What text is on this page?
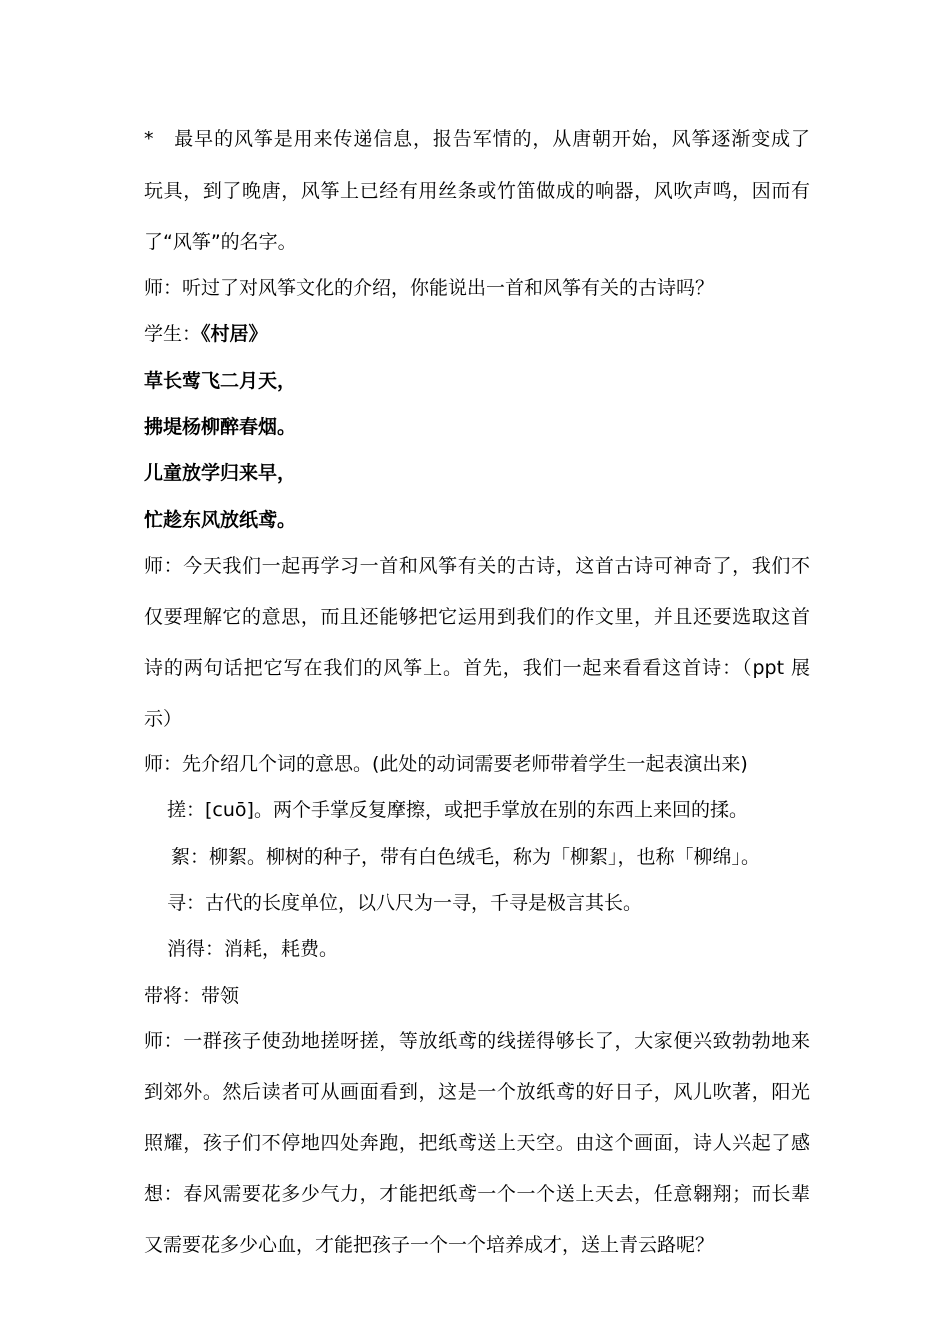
*　最早的风筝是用来传递信息，报告军情的，从唐朝开始，风筝逐渐变成了
玩具，到了晚唐，风筝上已经有用丝条或竹笛做成的响器，风吹声鸣，因而有
了“风筝”的名字。
师：听过了对风筝文化的介绍，你能说出一首和风筝有关的古诗吗？
学生：《村居》
草长莺飞二月天，
拂堤杨柳醉春烟。
儿童放学归来早，
忙趁东风放纸鸢。
师：今天我们一起再学习一首和风筝有关的古诗，这首古诗可神奇了，我们不
仅要理解它的意思，而且还能够把它运用到我们的作文里，并且还要选取这首
诗的两句话把它写在我们的风筝上。首先，我们一起来看看这首诗：（ppt 展
示）
师：先介绍几个词的意思。(此处的动词需要老师带着学生一起表演出来)
搓：[cuō]。两个手掌反复摩擦，或把手掌放在别的东西上来回的揉。
絮：柳絮。柳树的种子，带有白色绒毛，称为「柳絮」，也称「柳绵」。
寻：古代的长度单位，以八尺为一寻，千寻是极言其长。
消得：消耗，耗费。
带将：带领
师：一群孩子使劲地搓呀搓，等放纸鸢的线搓得够长了，大家便兴致勃勃地来
到郊外。然后读者可从画面看到，这是一个放纸鸢的好日子，风儿吹著，阳光
照耀，孩子们不停地四处奔跑，把纸鸢送上天空。由这个画面，诗人兴起了感
想：春风需要花多少气力，才能把纸鸢一个一个送上天去，任意翱翔；而长辈
又需要花多少心血，才能把孩子一个一个培养成才，送上青云路呢？
